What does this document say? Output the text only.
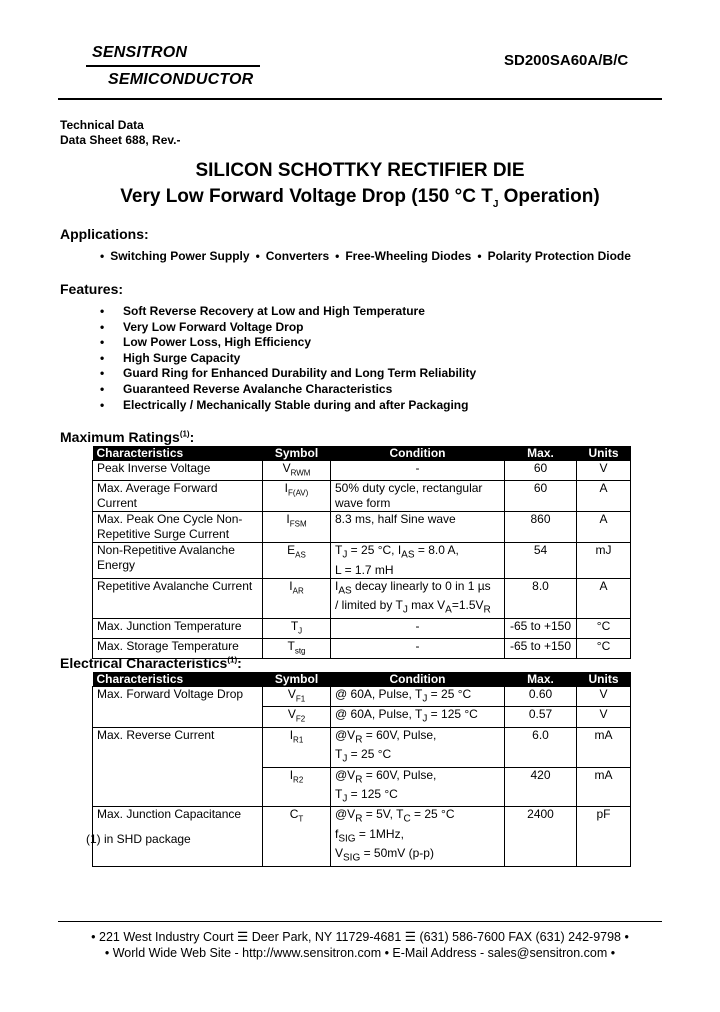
SENSITRON
SEMICONDUCTOR
SD200SA60A/B/C
Technical Data
Data Sheet 688, Rev.-
SILICON SCHOTTKY RECTIFIER DIE
Very Low Forward Voltage Drop (150 °C $T_J$ Operation)
Applications:
• Switching Power Supply • Converters • Free-Wheeling Diodes • Polarity Protection Diode
Features:
• Soft Reverse Recovery at Low and High Temperature
• Very Low Forward Voltage Drop
• Low Power Loss, High Efficiency
• High Surge Capacity
• Guard Ring for Enhanced Durability and Long Term Reliability
• Guaranteed Reverse Avalanche Characteristics
• Electrically / Mechanically Stable during and after Packaging
Maximum Ratings$^{(1)}$:
Characteristics	Symbol	Condition	Max.	Units
Peak Inverse Voltage	$V_{RWM}$	-	60	V
Max. Average Forward Current	$I_{F(AV)}$	50% duty cycle, rectangular wave form	60	A
Max. Peak One Cycle Non-Repetitive Surge Current	$I_{FSM}$	8.3 ms, half Sine wave	860	A
Non-Repetitive Avalanche Energy	$E_{AS}$	$T_J = 25$ °C, $I_{AS} = 8.0$ A,
L = 1.7 mH	54	mJ
Repetitive Avalanche Current	$I_{AR}$	$I_{AS}$ decay linearly to 0 in 1 µs
/ limited by $T_J$ $\max V_A=1.5V_R$	8.0	A
Max. Junction Temperature	$T_J$	-	-65 to +150	°C
Max. Storage Temperature	$T_{stg}$	-	-65 to +150	°C
Electrical Characteristics$^{(1)}$:
Characteristics	Symbol	Condition	Max.	Units
Max. Forward Voltage Drop	$V_{F1}$	@ 60A, Pulse, $T_J = 25$ °C	0.60	V
	$V_{F2}$	@ 60A, Pulse, $T_J = 125$ °C	0.57	V
Max. Reverse Current	$I_{R1}$	$@V_R = 60V$, Pulse,
$T_J = 25$ °C	6.0	mA
	$I_{R2}$	$@V_R = 60V$, Pulse,
$T_J = 125$ °C	420	mA
Max. Junction Capacitance	$C_T$	$@V_R = 5V$, $T_C = 25$ °C
$f_{SIG} = 1MHz$,
$V_{SIG} = 50mV$ (p-p)	2400	pF
(1) in SHD package
• 221 West Industry Court ☰ Deer Park, NY 11729-4681 ☰ (631) 586-7600 FAX (631) 242-9798 •
• World Wide Web Site - http://www.sensitron.com • E-Mail Address - sales@sensitron.com •
